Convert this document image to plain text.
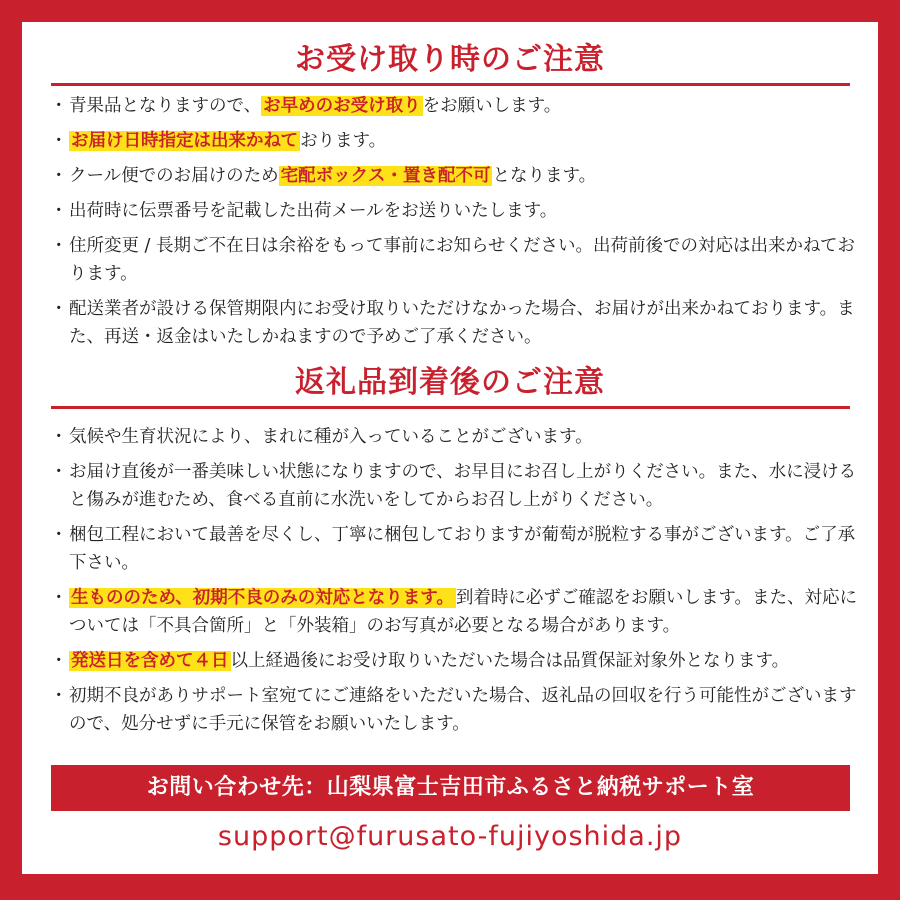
お受け取り時のご注意
・ 青果品となりますので、 お早めのお受け取り をお願いします。
・ お届け日時指定は出来かねて おります。
・ クール便でのお届けのため 宅配ボックス・置き配不可 となります。
・ 出荷時に伝票番号を記載した出荷メールをお送りいたします。
・ 住所変更 / 長期ご不在日は余裕をもって事前にお知らせください。出荷前後での対応は出来かねております。
・ 配送業者が設ける保管期限内にお受け取りいただけなかった場合、お届けが出来かねております。また、再送・返金はいたしかねますので予めご了承ください。
返礼品到着後のご注意
・ 気候や生育状況により、まれに種が入っていることがございます。
・ お届け直後が一番美味しい状態になりますので、お早目にお召し上がりください。また、水に浸けると傷みが進むため、食べる直前に水洗いをしてからお召し上がりください。
・ 梱包工程において最善を尽くし、丁寧に梱包しておりますが葡萄が脱粒する事がございます。ご了承下さい。
・ 生もののため、初期不良のみの対応となります。 到着時に必ずご確認をお願いします。また、対応については「不具合箇所」と「外装箱」のお写真が必要となる場合があります。
・ 発送日を含めて４日 以上経過後にお受け取りいただいた場合は品質保証対象外となります。
・ 初期不良がありサポート室宛てにご連絡をいただいた場合、返礼品の回収を行う可能性がございますので、処分せずに手元に保管をお願いいたします。
お問い合わせ先：山梨県富士吉田市ふるさと納税サポート室
support@furusato-fujiyoshida.jp
